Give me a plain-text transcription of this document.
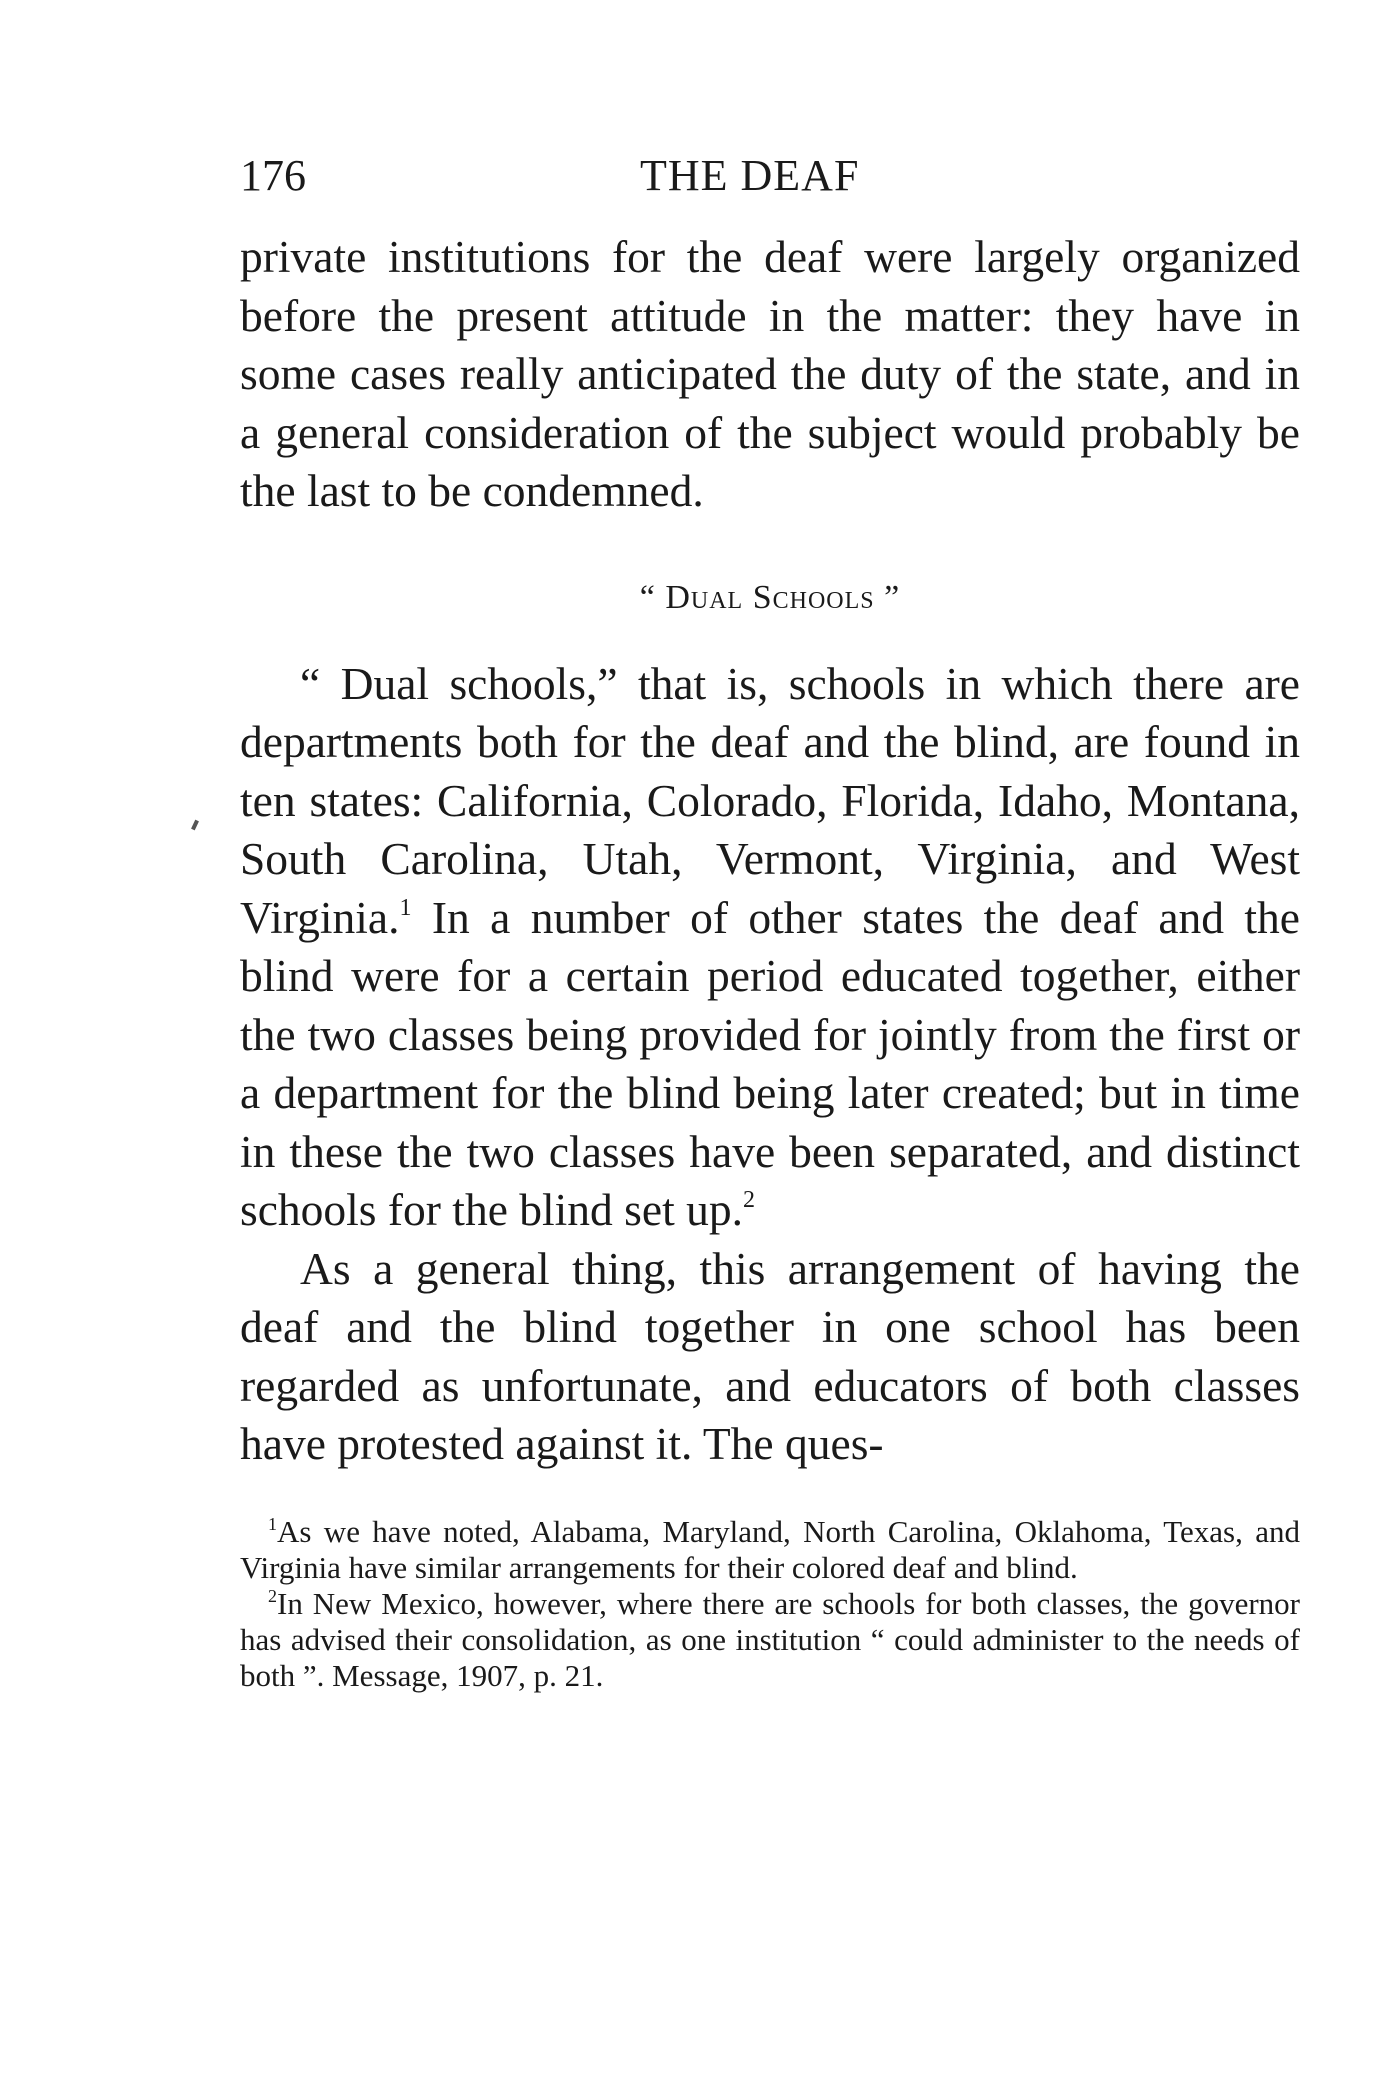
176	THE DEAF

private institutions for the deaf were largely organized before the present attitude in the matter: they have in some cases really anticipated the duty of the state, and in a general consideration of the subject would probably be the last to be condemned.

“ Dual Schools ”

“ Dual schools,” that is, schools in which there are departments both for the deaf and the blind, are found in ten states: California, Colorado, Florida, Idaho, Montana, South Carolina, Utah, Vermont, Virginia, and West Virginia.$^1$ In a number of other states the deaf and the blind were for a certain period educated together, either the two classes being provided for jointly from the first or a department for the blind being later created; but in time in these the two classes have been separated, and distinct schools for the blind set up.$^2$

As a general thing, this arrangement of having the deaf and the blind together in one school has been regarded as unfortunate, and educators of both classes have protested against it. The ques-

$^1$As we have noted, Alabama, Maryland, North Carolina, Oklahoma, Texas, and Virginia have similar arrangements for their colored deaf and blind.

$^2$In New Mexico, however, where there are schools for both classes, the governor has advised their consolidation, as one institution “ could administer to the needs of both ”. Message, 1907, p. 21.
